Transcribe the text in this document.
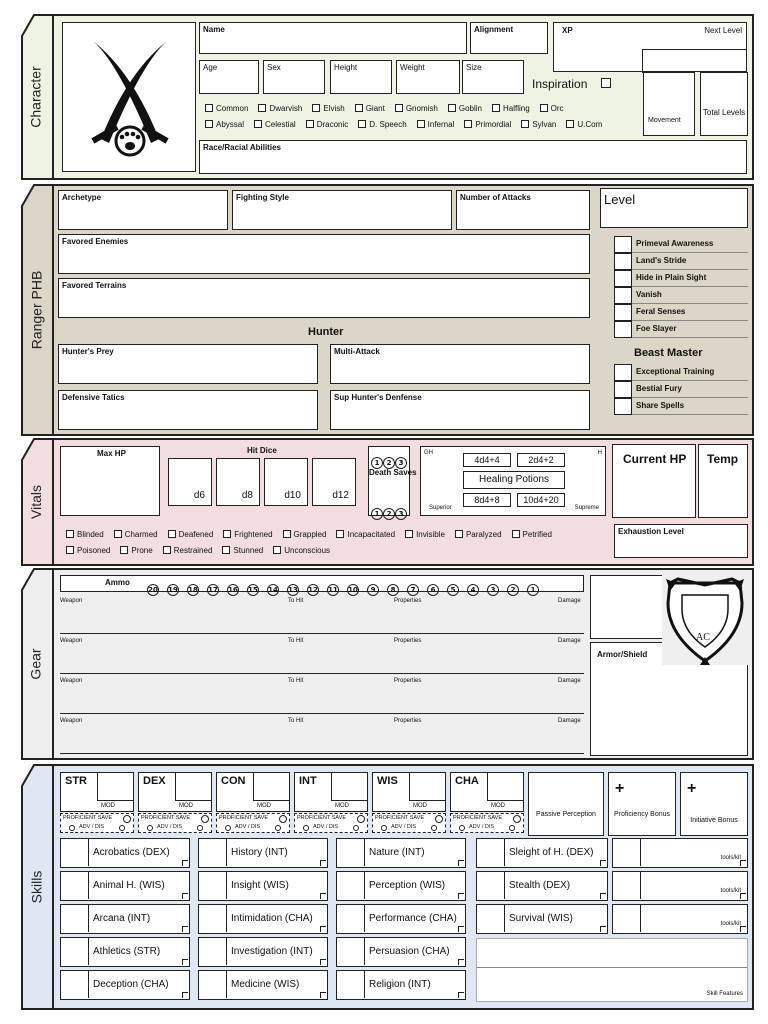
Character
Name	Alignment	XP	Next Level
Age	Sex	Height	Weight	Size
Inspiration
Movement
Total Levels
Common	Dwarvish	Elvish	Giant	Gnomish	Goblin	Halfling	Orc
Abyssal	Celestial	Draconic	D. Speech	Infernal	Primordial	Sylvan	U.Com
Race/Racial Abilities
Ranger PHB
Archetype	Fighting Style	Number of Attacks	Level
Favored Enemies
Favored Terrains
Hunter
Hunter's Prey	Multi-Attack
Defensive Tatics	Sup Hunter's Denfense
Primeval Awareness
Land's Stride
Hide in Plain Sight
Vanish
Feral Senses
Foe Slayer
Beast Master
Exceptional Training
Bestial Fury
Share Spells
Vitals
Max HP	Hit Dice
d6	d8	d10	d12
1 2 3
Death Saves
1 2 3
GH	H
4d4+4	2d4+2
Healing Potions
8d4+8	10d4+20
Superior	Supreme
Current HP Temp
Blinded	Charmed	Deafened	Frightened	Grappled	Incapacitated	Invisible	Paralyzed	Petrified
Poisoned	Prone	Restrained	Stunned	Unconscious
Exhaustion Level
Gear
Ammo
20 19 18 17 16 15 14 13 12 11 10 9 8 7 6 5 4 3 2 1
Weapon	To Hit	Properties	Damage
Weapon	To Hit	Properties	Damage
Weapon	To Hit	Properties	Damage
Weapon	To Hit	Properties	Damage
Armor/Shield
AC
Skills
STR
MOD
PROFICIENT SAVE
ADV / DIS
DEX
MOD
PROFICIENT SAVE
ADV / DIS
CON
MOD
PROFICIENT SAVE
ADV / DIS
INT
MOD
PROFICIENT SAVE
ADV / DIS
WIS
MOD
PROFICIENT SAVE
ADV / DIS
CHA
MOD
PROFICIENT SAVE
ADV / DIS
Passive Perception
+
Proficiency Bonus
+
Initiative Bonus
Acrobatics (DEX)
Animal H. (WIS)
Arcana (INT)
Athletics (STR)
Deception (CHA)
History (INT)
Insight (WIS)
Intimidation (CHA)
Investigation (INT)
Medicine (WIS)
Nature (INT)
Perception (WIS)
Performance (CHA)
Persuasion (CHA)
Religion (INT)
Sleight of H. (DEX)
Stealth (DEX)
Survival (WIS)
tools/kit
tools/kit
tools/kit
Skill Features
